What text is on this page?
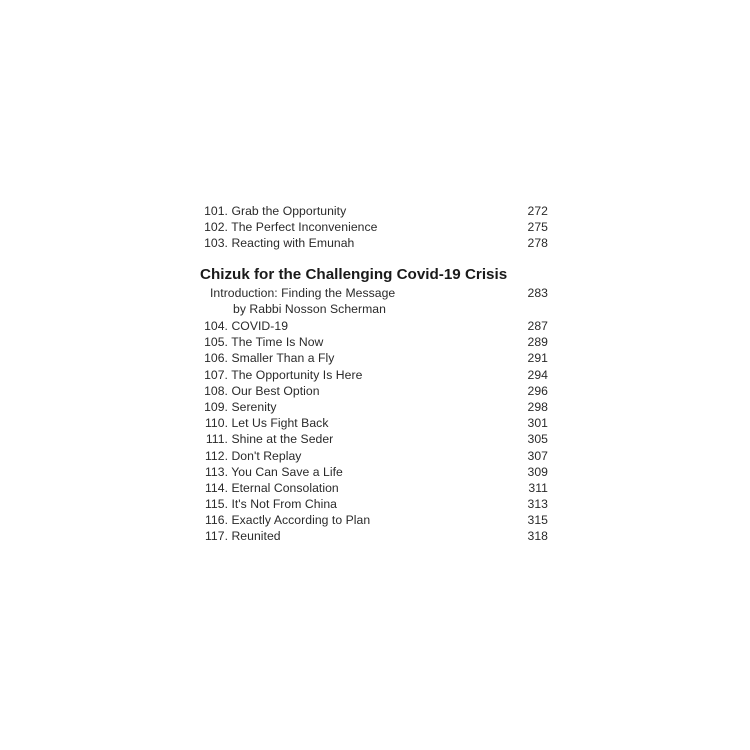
101. Grab the Opportunity	272
102. The Perfect Inconvenience	275
103. Reacting with Emunah	278
Chizuk for the Challenging Covid-19 Crisis
Introduction: Finding the Message	283
by Rabbi Nosson Scherman
104. COVID-19	287
105. The Time Is Now	289
106. Smaller Than a Fly	291
107. The Opportunity Is Here	294
108. Our Best Option	296
109. Serenity	298
110. Let Us Fight Back	301
111. Shine at the Seder	305
112. Don't Replay	307
113. You Can Save a Life	309
114. Eternal Consolation	311
115. It's Not From China	313
116. Exactly According to Plan	315
117. Reunited	318
